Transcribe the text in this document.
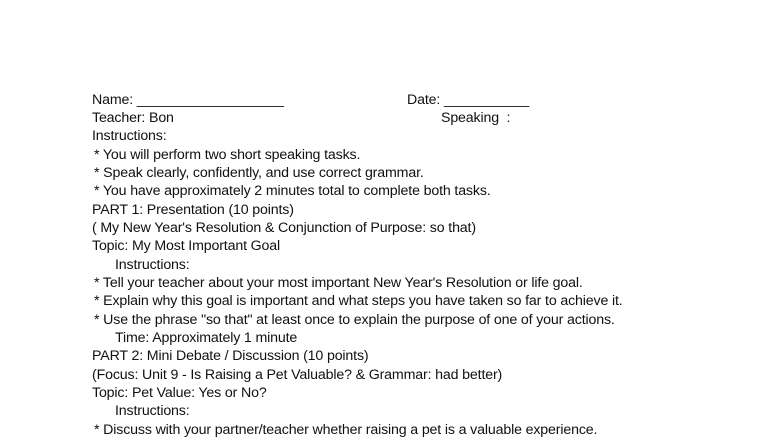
Name: ___________________	Date: ___________
Teacher: Bon	Speaking  :
Instructions:
* You will perform two short speaking tasks.
* Speak clearly, confidently, and use correct grammar.
* You have approximately 2 minutes total to complete both tasks.
PART 1: Presentation (10 points)
( My New Year's Resolution & Conjunction of Purpose: so that)
Topic: My Most Important Goal
Instructions:
* Tell your teacher about your most important New Year's Resolution or life goal.
* Explain why this goal is important and what steps you have taken so far to achieve it.
* Use the phrase "so that" at least once to explain the purpose of one of your actions.
Time: Approximately 1 minute
PART 2: Mini Debate / Discussion (10 points)
(Focus: Unit 9 - Is Raising a Pet Valuable? & Grammar: had better)
Topic: Pet Value: Yes or No?
Instructions:
* Discuss with your partner/teacher whether raising a pet is a valuable experience.
